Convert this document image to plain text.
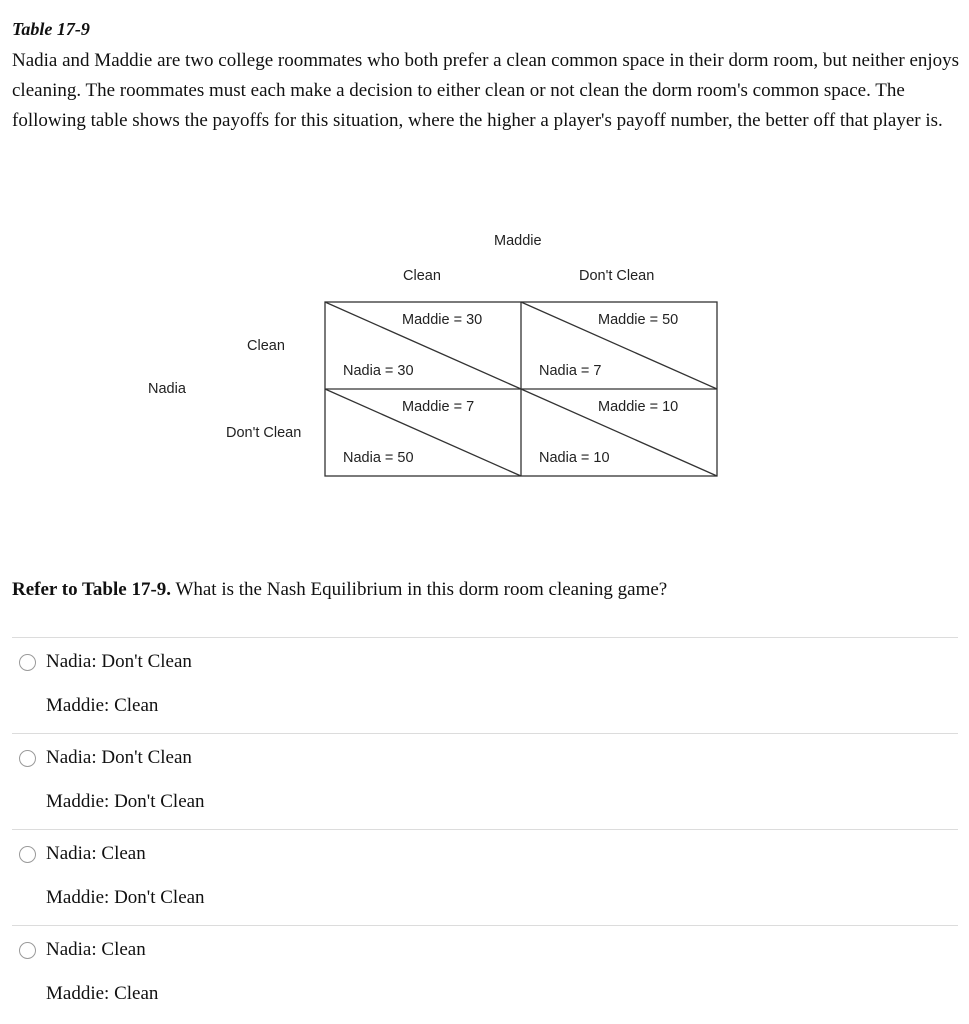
Table 17-9

Nadia and Maddie are two college roommates who both prefer a clean common space in their dorm room, but neither enjoys cleaning. The roommates must each make a decision to either clean or not clean the dorm room's common space. The following table shows the payoffs for this situation, where the higher a player's payoff number, the better off that player is.

Maddie
Clean	Don't Clean
Nadia
Clean
Don't Clean
Maddie = 30
Nadia = 30
Maddie = 50
Nadia = 7
Maddie = 7
Nadia = 50
Maddie = 10
Nadia = 10

Refer to Table 17-9. What is the Nash Equilibrium in this dorm room cleaning game?

Nadia: Don't Clean
Maddie: Clean
Nadia: Don't Clean
Maddie: Don't Clean
Nadia: Clean
Maddie: Don't Clean
Nadia: Clean
Maddie: Clean
